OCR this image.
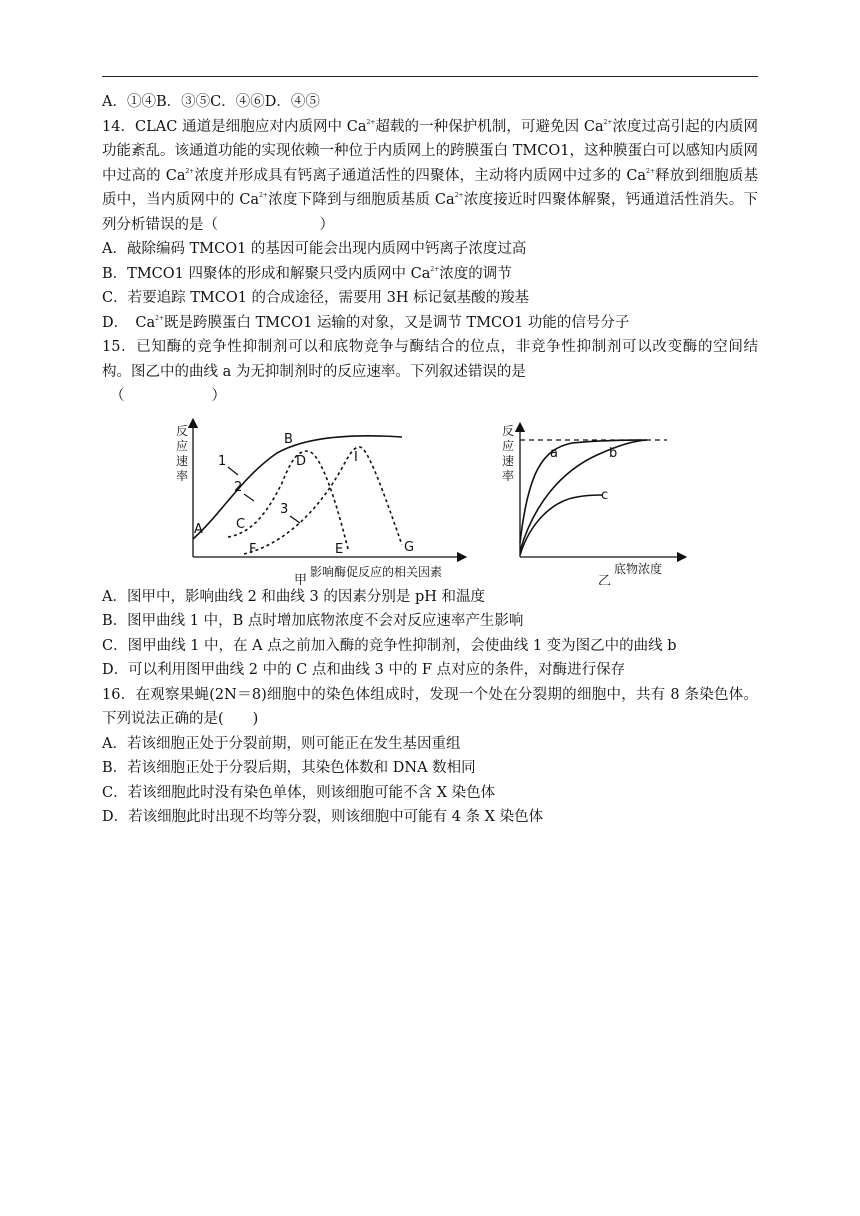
A．①④B．③⑤C．④⑥D．④⑤

14．CLAC 通道是细胞应对内质网中 $Ca^{2+}$超载的一种保护机制，可避免因 $Ca^{2+}$浓度过高引起的内质网功能紊乱。该通道功能的实现依赖一种位于内质网上的跨膜蛋白 TMCO1，这种膜蛋白可以感知内质网中过高的 $Ca^{2+}$浓度并形成具有钙离子通道活性的四聚体，主动将内质网中过多的 $Ca^{2+}$释放到细胞质基质中，当内质网中的 $Ca^{2+}$浓度下降到与细胞质基质 $Ca^{2+}$浓度接近时四聚体解聚，钙通道活性消失。下列分析错误的是（　　　　　　　）

A．敲除编码 TMCO1 的基因可能会出现内质网中钙离子浓度过高

B．TMCO1 四聚体的形成和解聚只受内质网中 $Ca^{2+}$浓度的调节

C．若要追踪 TMCO1 的合成途径，需要用 3H 标记氨基酸的羧基

D．　$Ca^{2+}$既是跨膜蛋白 TMCO1 运输的对象，又是调节 TMCO1 功能的信号分子

15．已知酶的竞争性抑制剂可以和底物竞争与酶结合的位点，非竞争性抑制剂可以改变酶的空间结构。图乙中的曲线 a 为无抑制剂时的反应速率。下列叙述错误的是

（　　　　　　）

反
应
速
率
1
2
3
A
B
C
D
E
F	G
I
影响酶促反应的相关因素
甲
反
应
速
率
a	b
c
底物浓度
乙

A．图甲中，影响曲线 2 和曲线 3 的因素分别是 pH 和温度

B．图甲曲线 1 中，B 点时增加底物浓度不会对反应速率产生影响

C．图甲曲线 1 中，在 A 点之前加入酶的竞争性抑制剂，会使曲线 1 变为图乙中的曲线 b

D．可以利用图甲曲线 2 中的 C 点和曲线 3 中的 F 点对应的条件，对酶进行保存

16．在观察果蝇(2N＝8)细胞中的染色体组成时，发现一个处在分裂期的细胞中，共有 8 条染色体。下列说法正确的是(　　)

A．若该细胞正处于分裂前期，则可能正在发生基因重组

B．若该细胞正处于分裂后期，其染色体数和 DNA 数相同

C．若该细胞此时没有染色单体，则该细胞可能不含 X 染色体

D．若该细胞此时出现不均等分裂，则该细胞中可能有 4 条 X 染色体
